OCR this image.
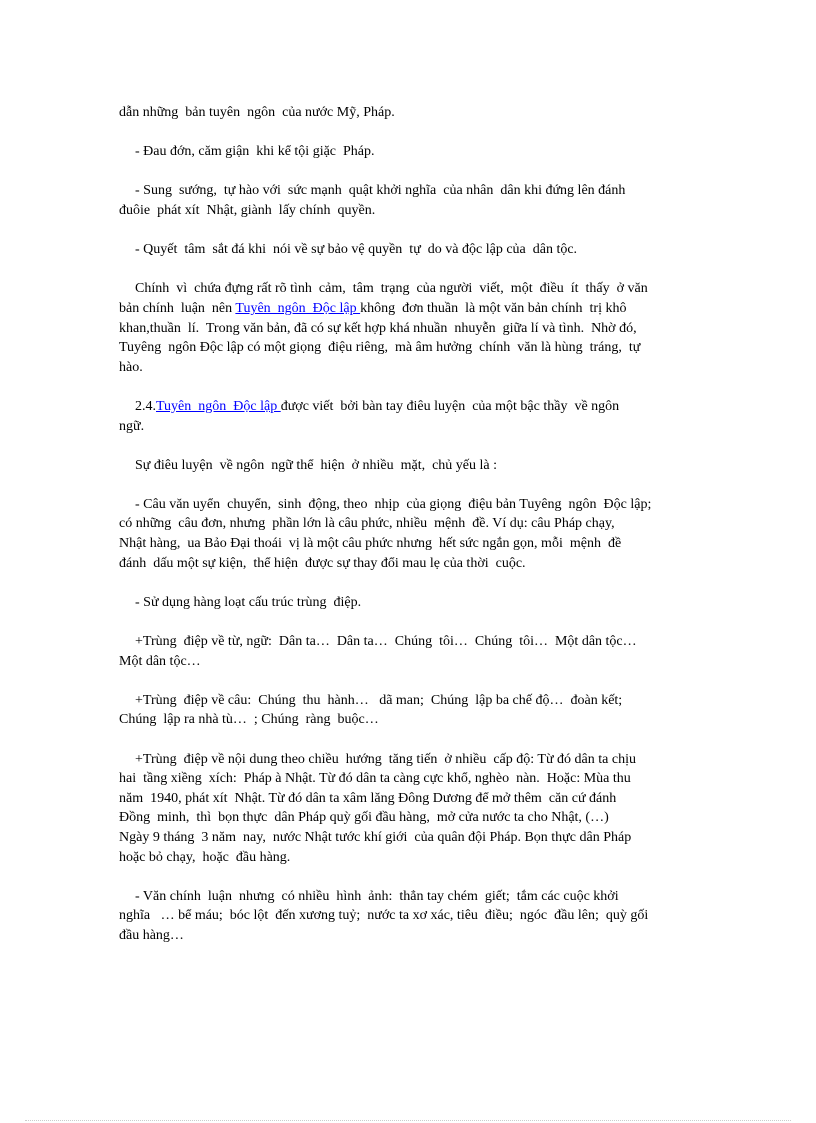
dẫn những  bản tuyên  ngôn  của nước Mỹ, Pháp.
- Đau đớn, căm giận  khi kể tội giặc  Pháp.
- Sung  sướng,  tự hào với  sức mạnh  quật khởi nghĩa  của nhân  dân khi đứng lên đánh
đuôie  phát xít  Nhật, giành  lấy chính  quyền.
- Quyết  tâm  sắt đá khi  nói về sự bảo vệ quyền  tự  do và độc lập của  dân tộc.
Chính  vì  chứa đựng rất rõ tình  cảm,  tâm  trạng  của người  viết,  một  điều  ít  thấy  ở văn
bản chính  luận  nên Tuyên  ngôn  Độc lập không  đơn thuần  là một văn bản chính  trị khô
khan,thuần  lí.  Trong văn bản, đã có sự kết hợp khá nhuần  nhuyễn  giữa lí và tình.  Nhờ đó,
Tuyêng  ngôn Độc lập có một giọng  điệu riêng,  mà âm hưởng  chính  văn là hùng  tráng,  tự
hào.
2.4.Tuyên  ngôn  Độc lập được viết  bởi bàn tay điêu luyện  của một bậc thầy  về ngôn
ngữ.
Sự điêu luyện  về ngôn  ngữ thể  hiện  ở nhiều  mặt,  chủ yếu là :
- Câu văn uyển  chuyển,  sinh  động, theo  nhịp  của giọng  điệu bản Tuyêng  ngôn  Độc lập;
có những  câu đơn, nhưng  phần lớn là câu phức, nhiều  mệnh  đề. Ví dụ: câu Pháp chạy,
Nhật hàng,  ua Bảo Đại thoái  vị là một câu phức nhưng  hết sức ngắn gọn, mỗi  mệnh  đề
đánh  dấu một sự kiện,  thể hiện  được sự thay đổi mau lẹ của thời  cuộc.
- Sử dụng hàng loạt cấu trúc trùng  điệp.
+Trùng  điệp về từ, ngữ:  Dân ta…  Dân ta…  Chúng  tôi…  Chúng  tôi…  Một dân tộc…
Một dân tộc…
+Trùng  điệp về câu:  Chúng  thu  hành…   dã man;  Chúng  lập ba chế độ…  đoàn kết;
Chúng  lập ra nhà tù…  ; Chúng  ràng  buộc…
+Trùng  điệp về nội dung theo chiều  hướng  tăng tiến  ở nhiều  cấp độ: Từ đó dân ta chịu
hai  tầng xiềng  xích:  Pháp à Nhật. Từ đó dân ta càng cực khổ, nghèo  nàn.  Hoặc: Mùa thu
năm  1940, phát xít  Nhật. Từ đó dân ta xâm lăng Đông Dương để mở thêm  căn cứ đánh
Đồng  minh,  thì  bọn thực  dân Pháp quỳ gối đầu hàng,  mở cửa nước ta cho Nhật, (…)
Ngày 9 tháng  3 năm  nay,  nước Nhật tước khí giới  của quân đội Pháp. Bọn thực dân Pháp
hoặc bỏ chạy,  hoặc  đầu hàng.
- Văn chính  luận  nhưng  có nhiều  hình  ảnh:  thẳn tay chém  giết;  tắm các cuộc khởi
nghĩa   … bể máu;  bóc lột  đến xương tuỷ;  nước ta xơ xác, tiêu  điều;  ngóc  đầu lên;  quỳ gối
đầu hàng…
